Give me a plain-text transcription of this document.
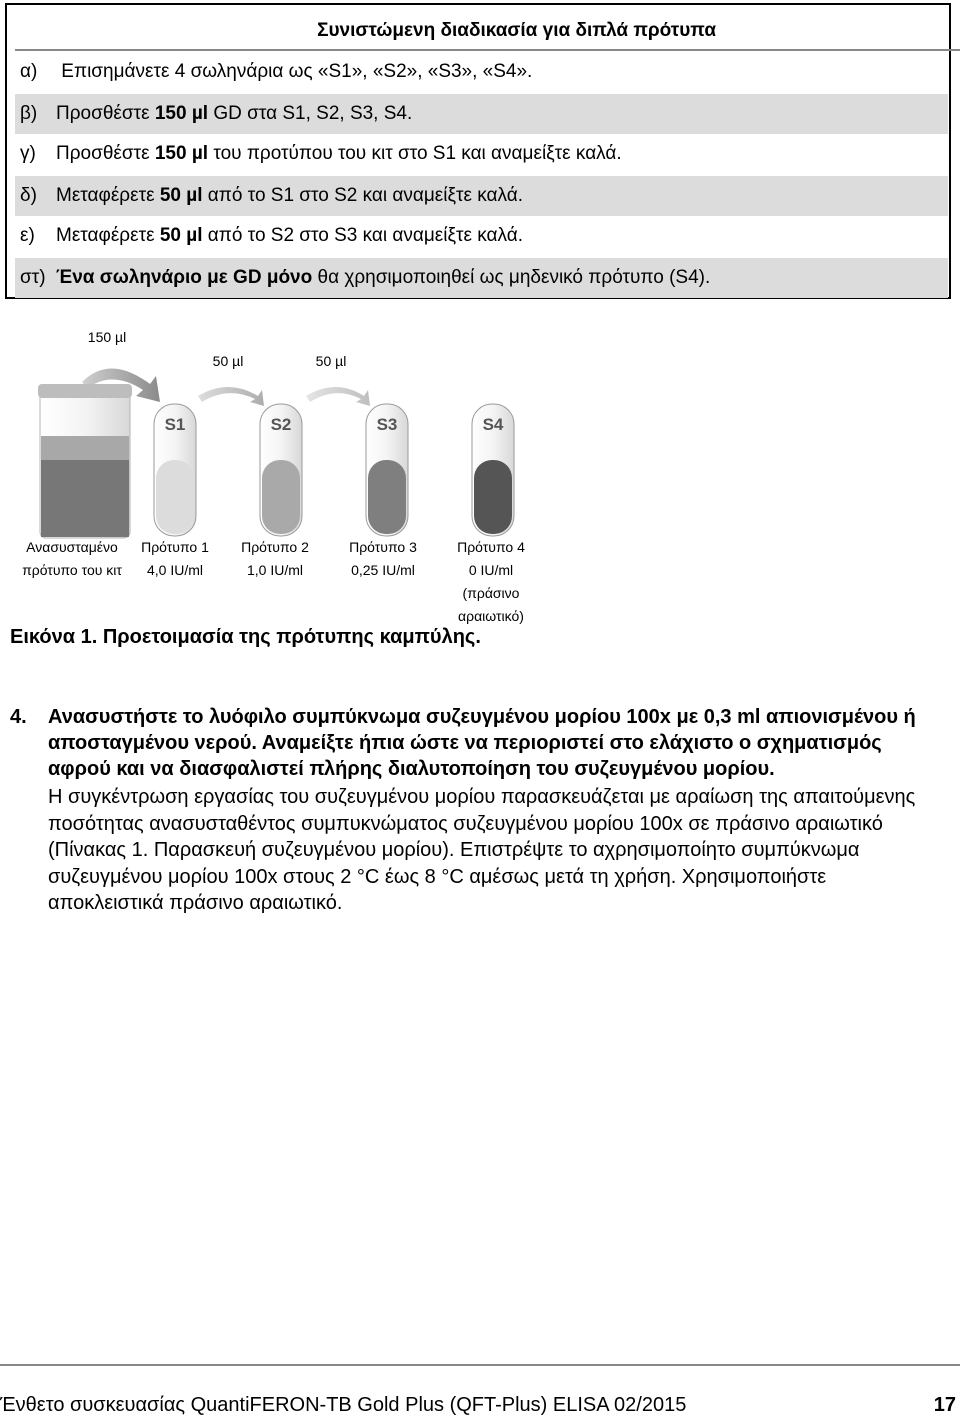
Συνιστώμενη διαδικασία για διπλά πρότυπα
α) Επισημάνετε 4 σωληνάρια ως «S1», «S2», «S3», «S4».
β) Προσθέστε 150 µl GD στα S1, S2, S3, S4.
γ) Προσθέστε 150 µl του προτύπου του κιτ στο S1 και αναμείξτε καλά.
δ) Μεταφέρετε 50 µl από το S1 στο S2 και αναμείξτε καλά.
ε) Μεταφέρετε 50 µl από το S2 στο S3 και αναμείξτε καλά.
στ) Ένα σωληνάριο με GD μόνο θα χρησιμοποιηθεί ως μηδενικό πρότυπο (S4).
150 µl
50 µl	50 µl
S1	S2	S3	S4
Ανασυσταμένο
πρότυπο του κιτ
Πρότυπο 1
4,0 IU/ml
Πρότυπο 2
1,0 IU/ml
Πρότυπο 3
0,25 IU/ml
Πρότυπο 4
0 IU/ml
(πράσινο
αραιωτικό)
Εικόνα 1. Προετοιμασία της πρότυπης καμπύλης.
4. Ανασυστήστε το λυόφιλο συμπύκνωμα συζευγμένου μορίου 100x με 0,3 ml απιονισμένου ή αποσταγμένου νερού. Αναμείξτε ήπια ώστε να περιοριστεί στο ελάχιστο ο σχηματισμός αφρού και να διασφαλιστεί πλήρης διαλυτοποίηση του συζευγμένου μορίου.
Η συγκέντρωση εργασίας του συζευγμένου μορίου παρασκευάζεται με αραίωση της απαιτούμενης ποσότητας ανασυσταθέντος συμπυκνώματος συζευγμένου μορίου 100x σε πράσινο αραιωτικό (Πίνακας 1. Παρασκευή συζευγμένου μορίου). Επιστρέψτε το αχρησιμοποίητο συμπύκνωμα συζευγμένου μορίου 100x στους 2 °C έως 8 °C αμέσως μετά τη χρήση. Χρησιμοποιήστε αποκλειστικά πράσινο αραιωτικό.
Ένθετο συσκευασίας QuantiFERON-TB Gold Plus (QFT-Plus) ELISA 02/2015	17
